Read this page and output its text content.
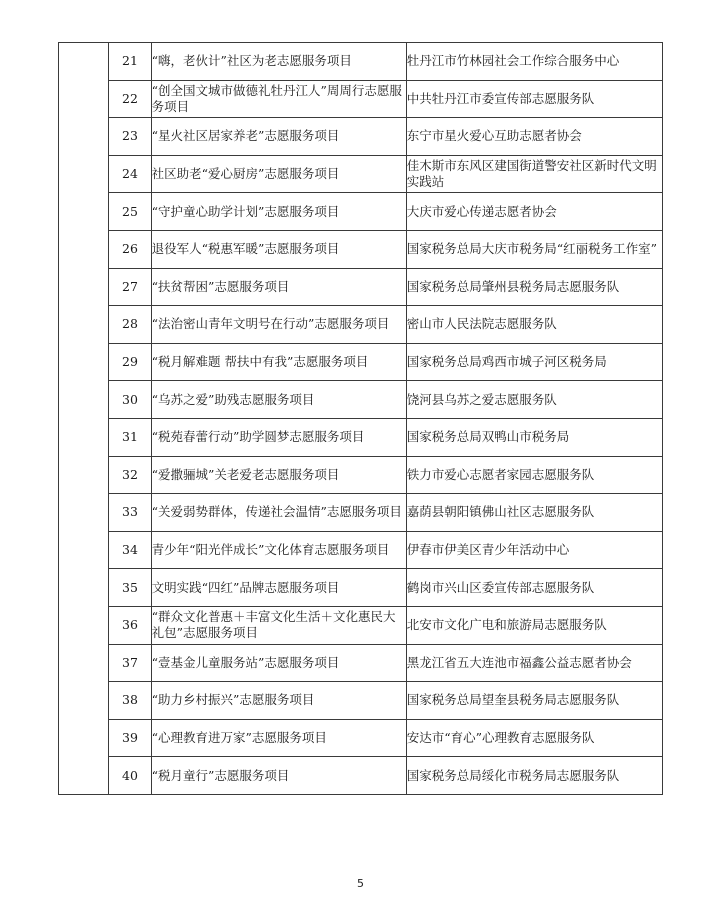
	21	“嗨，老伙计”社区为老志愿服务项目	牡丹江市竹林园社会工作综合服务中心

	22	“创全国文城市做德礼牡丹江人”周周行志愿服务项目	中共牡丹江市委宣传部志愿服务队

	23	“星火社区居家养老”志愿服务项目	东宁市星火爱心互助志愿者协会

	24	社区助老“爱心厨房”志愿服务项目	佳木斯市东风区建国街道警安社区新时代文明实践站

	25	“守护童心助学计划”志愿服务项目	大庆市爱心传递志愿者协会

	26	退役军人“税惠军暖”志愿服务项目	国家税务总局大庆市税务局“红丽税务工作室”

	27	“扶贫帮困”志愿服务项目	国家税务总局肇州县税务局志愿服务队

	28	“法治密山青年文明号在行动”志愿服务项目	密山市人民法院志愿服务队

	29	“税月解难题 帮扶中有我”志愿服务项目	国家税务总局鸡西市城子河区税务局

	30	“乌苏之爱”助残志愿服务项目	饶河县乌苏之爱志愿服务队

	31	“税苑春蕾行动”助学圆梦志愿服务项目	国家税务总局双鸭山市税务局

	32	“爱撒骊城”关老爱老志愿服务项目	铁力市爱心志愿者家园志愿服务队

	33	“关爱弱势群体，传递社会温情”志愿服务项目	嘉荫县朝阳镇佛山社区志愿服务队

	34	青少年“阳光伴成长”文化体育志愿服务项目	伊春市伊美区青少年活动中心

	35	文明实践“四红”品牌志愿服务项目	鹤岗市兴山区委宣传部志愿服务队

	36	“群众文化普惠＋丰富文化生活＋文化惠民大礼包”志愿服务项目	北安市文化广电和旅游局志愿服务队

	37	“壹基金儿童服务站”志愿服务项目	黑龙江省五大连池市福鑫公益志愿者协会

	38	“助力乡村振兴”志愿服务项目	国家税务总局望奎县税务局志愿服务队

	39	“心理教育进万家”志愿服务项目	安达市“育心”心理教育志愿服务队

	40	“税月童行”志愿服务项目	国家税务总局绥化市税务局志愿服务队
5
